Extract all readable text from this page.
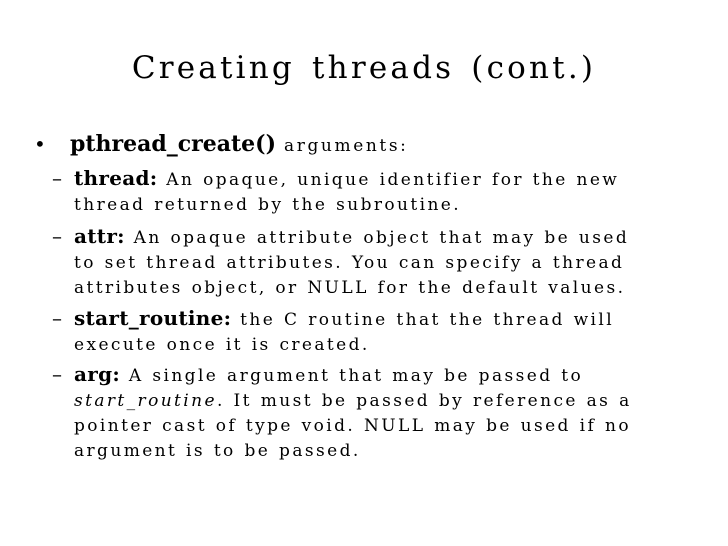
Creating threads (cont.)
• pthread_create() arguments:
– thread: An opaque, unique identifier for the new
thread returned by the subroutine.
– attr: An opaque attribute object that may be used
to set thread attributes. You can specify a thread
attributes object, or NULL for the default values.
– start_routine: the C routine that the thread will
execute once it is created.
– arg: A single argument that may be passed to
start_routine. It must be passed by reference as a
pointer cast of type void. NULL may be used if no
argument is to be passed.
